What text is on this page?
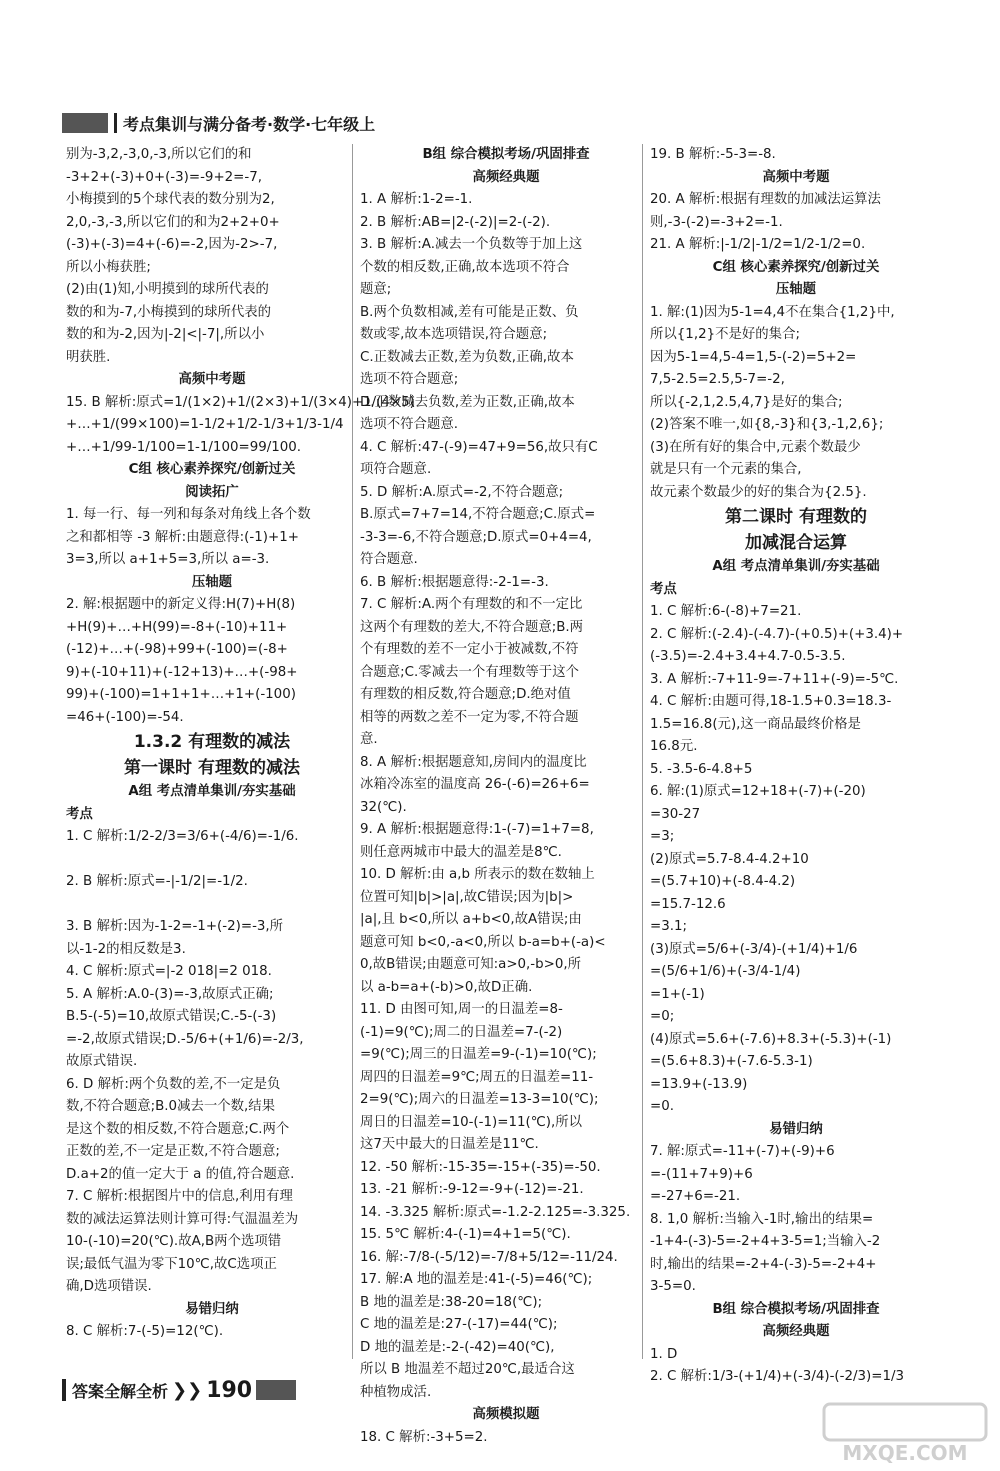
考点集训与满分备考·数学·七年级上
别为-3,2,-3,0,-3,所以它们的和
-3+2+(-3)+0+(-3)=-9+2=-7,
小梅摸到的5个球代表的数分别为2,
2,0,-3,-3,所以它们的和为2+2+0+
(-3)+(-3)=4+(-6)=-2,因为-2>-7,
所以小梅获胜;
(2)由(1)知,小明摸到的球所代表的
数的和为-7,小梅摸到的球所代表的
数的和为-2,因为|-2|<|-7|,所以小
明获胜.
高频中考题
15. B 解析:原式=1/(1×2)+1/(2×3)+1/(3×4)+1/(4×5)
+…+1/(99×100)=1-1/2+1/2-1/3+1/3-1/4
+…+1/99-1/100=1-1/100=99/100.
C组 核心素养探究/创新过关
阅读拓广
1. 每一行、每一列和每条对角线上各个数
之和都相等 -3 解析:由题意得:(-1)+1+
3=3,所以 a+1+5=3,所以 a=-3.
压轴题
2. 解:根据题中的新定义得:H(7)+H(8)
+H(9)+…+H(99)=-8+(-10)+11+
(-12)+…+(-98)+99+(-100)=(-8+
9)+(-10+11)+(-12+13)+…+(-98+
99)+(-100)=1+1+1+…+1+(-100)
=46+(-100)=-54.
1.3.2 有理数的减法
第一课时 有理数的减法
A组 考点清单集训/夯实基础
考点
1. C 解析:1/2-2/3=3/6+(-4/6)=-1/6.

2. B 解析:原式=-|-1/2|=-1/2.

3. B 解析:因为-1-2=-1+(-2)=-3,所
以-1-2的相反数是3.
4. C 解析:原式=|-2 018|=2 018.
5. A 解析:A.0-(3)=-3,故原式正确;
B.5-(-5)=10,故原式错误;C.-5-(-3)
=-2,故原式错误;D.-5/6+(+1/6)=-2/3,
故原式错误.
6. D 解析:两个负数的差,不一定是负
数,不符合题意;B.0减去一个数,结果
是这个数的相反数,不符合题意;C.两个
正数的差,不一定是正数,不符合题意;
D.a+2的值一定大于 a 的值,符合题意.
7. C 解析:根据图片中的信息,利用有理
数的减法运算法则计算可得:气温温差为
10-(-10)=20(℃).故A,B两个选项错
误;最低气温为零下10℃,故C选项正
确,D选项错误.
易错归纳
8. C 解析:7-(-5)=12(℃).
B组 综合模拟考场/巩固排查
高频经典题
1. A 解析:1-2=-1.
2. B 解析:AB=|2-(-2)|=2-(-2).
3. B 解析:A.减去一个负数等于加上这
个数的相反数,正确,故本选项不符合
题意;
B.两个负数相减,差有可能是正数、负
数或零,故本选项错误,符合题意;
C.正数减去正数,差为负数,正确,故本
选项不符合题意;
D.正数减去负数,差为正数,正确,故本
选项不符合题意.
4. C 解析:47-(-9)=47+9=56,故只有C
项符合题意.
5. D 解析:A.原式=-2,不符合题意;
B.原式=7+7=14,不符合题意;C.原式=
-3-3=-6,不符合题意;D.原式=0+4=4,
符合题意.
6. B 解析:根据题意得:-2-1=-3.
7. C 解析:A.两个有理数的和不一定比
这两个有理数的差大,不符合题意;B.两
个有理数的差不一定小于被减数,不符
合题意;C.零减去一个有理数等于这个
有理数的相反数,符合题意;D.绝对值
相等的两数之差不一定为零,不符合题
意.
8. A 解析:根据题意知,房间内的温度比
冰箱冷冻室的温度高 26-(-6)=26+6=
32(℃).
9. A 解析:根据题意得:1-(-7)=1+7=8,
则任意两城市中最大的温差是8℃.
10. D 解析:由 a,b 所表示的数在数轴上
位置可知|b|>|a|,故C错误;因为|b|>
|a|,且 b<0,所以 a+b<0,故A错误;由
题意可知 b<0,-a<0,所以 b-a=b+(-a)<
0,故B错误;由题意可知:a>0,-b>0,所
以 a-b=a+(-b)>0,故D正确.
11. D 由图可知,周一的日温差=8-
(-1)=9(℃);周二的日温差=7-(-2)
=9(℃);周三的日温差=9-(-1)=10(℃);
周四的日温差=9℃;周五的日温差=11-
2=9(℃);周六的日温差=13-3=10(℃);
周日的日温差=10-(-1)=11(℃),所以
这7天中最大的日温差是11℃.
12. -50 解析:-15-35=-15+(-35)=-50.
13. -21 解析:-9-12=-9+(-12)=-21.
14. -3.325 解析:原式=-1.2-2.125=-3.325.
15. 5℃ 解析:4-(-1)=4+1=5(℃).
16. 解:-7/8-(-5/12)=-7/8+5/12=-11/24.
17. 解:A 地的温差是:41-(-5)=46(℃);
B 地的温差是:38-20=18(℃);
C 地的温差是:27-(-17)=44(℃);
D 地的温差是:-2-(-42)=40(℃),
所以 B 地温差不超过20℃,最适合这
种植物成活.
高频模拟题
18. C 解析:-3+5=2.
19. B 解析:-5-3=-8.
高频中考题
20. A 解析:根据有理数的加减法运算法
则,-3-(-2)=-3+2=-1.
21. A 解析:|-1/2|-1/2=1/2-1/2=0.
C组 核心素养探究/创新过关
压轴题
1. 解:(1)因为5-1=4,4不在集合{1,2}中,
所以{1,2}不是好的集合;
因为5-1=4,5-4=1,5-(-2)=5+2=
7,5-2.5=2.5,5-7=-2,
所以{-2,1,2.5,4,7}是好的集合;
(2)答案不唯一,如{8,-3}和{3,-1,2,6};
(3)在所有好的集合中,元素个数最少
就是只有一个元素的集合,
故元素个数最少的好的集合为{2.5}.
第二课时 有理数的
加减混合运算
A组 考点清单集训/夯实基础
考点
1. C 解析:6-(-8)+7=21.
2. C 解析:(-2.4)-(-4.7)-(+0.5)+(+3.4)+
(-3.5)=-2.4+3.4+4.7-0.5-3.5.
3. A 解析:-7+11-9=-7+11+(-9)=-5℃.
4. C 解析:由题可得,18-1.5+0.3=18.3-
1.5=16.8(元),这一商品最终价格是
16.8元.
5. -3.5-6-4.8+5
6. 解:(1)原式=12+18+(-7)+(-20)
=30-27
=3;
(2)原式=5.7-8.4-4.2+10
=(5.7+10)+(-8.4-4.2)
=15.7-12.6
=3.1;
(3)原式=5/6+(-3/4)-(+1/4)+1/6
=(5/6+1/6)+(-3/4-1/4)
=1+(-1)
=0;
(4)原式=5.6+(-7.6)+8.3+(-5.3)+(-1)
=(5.6+8.3)+(-7.6-5.3-1)
=13.9+(-13.9)
=0.
易错归纳
7. 解:原式=-11+(-7)+(-9)+6
=-(11+7+9)+6
=-27+6=-21.
8. 1,0 解析:当输入-1时,输出的结果=
-1+4-(-3)-5=-2+4+3-5=1;当输入-2
时,输出的结果=-2+4-(-3)-5=-2+4+
3-5=0.
B组 综合模拟考场/巩固排查
高频经典题
1. D
2. C 解析:1/3-(+1/4)+(-3/4)-(-2/3)=1/3
答案全解全析 ❯❯ 190
MXQE.COM
